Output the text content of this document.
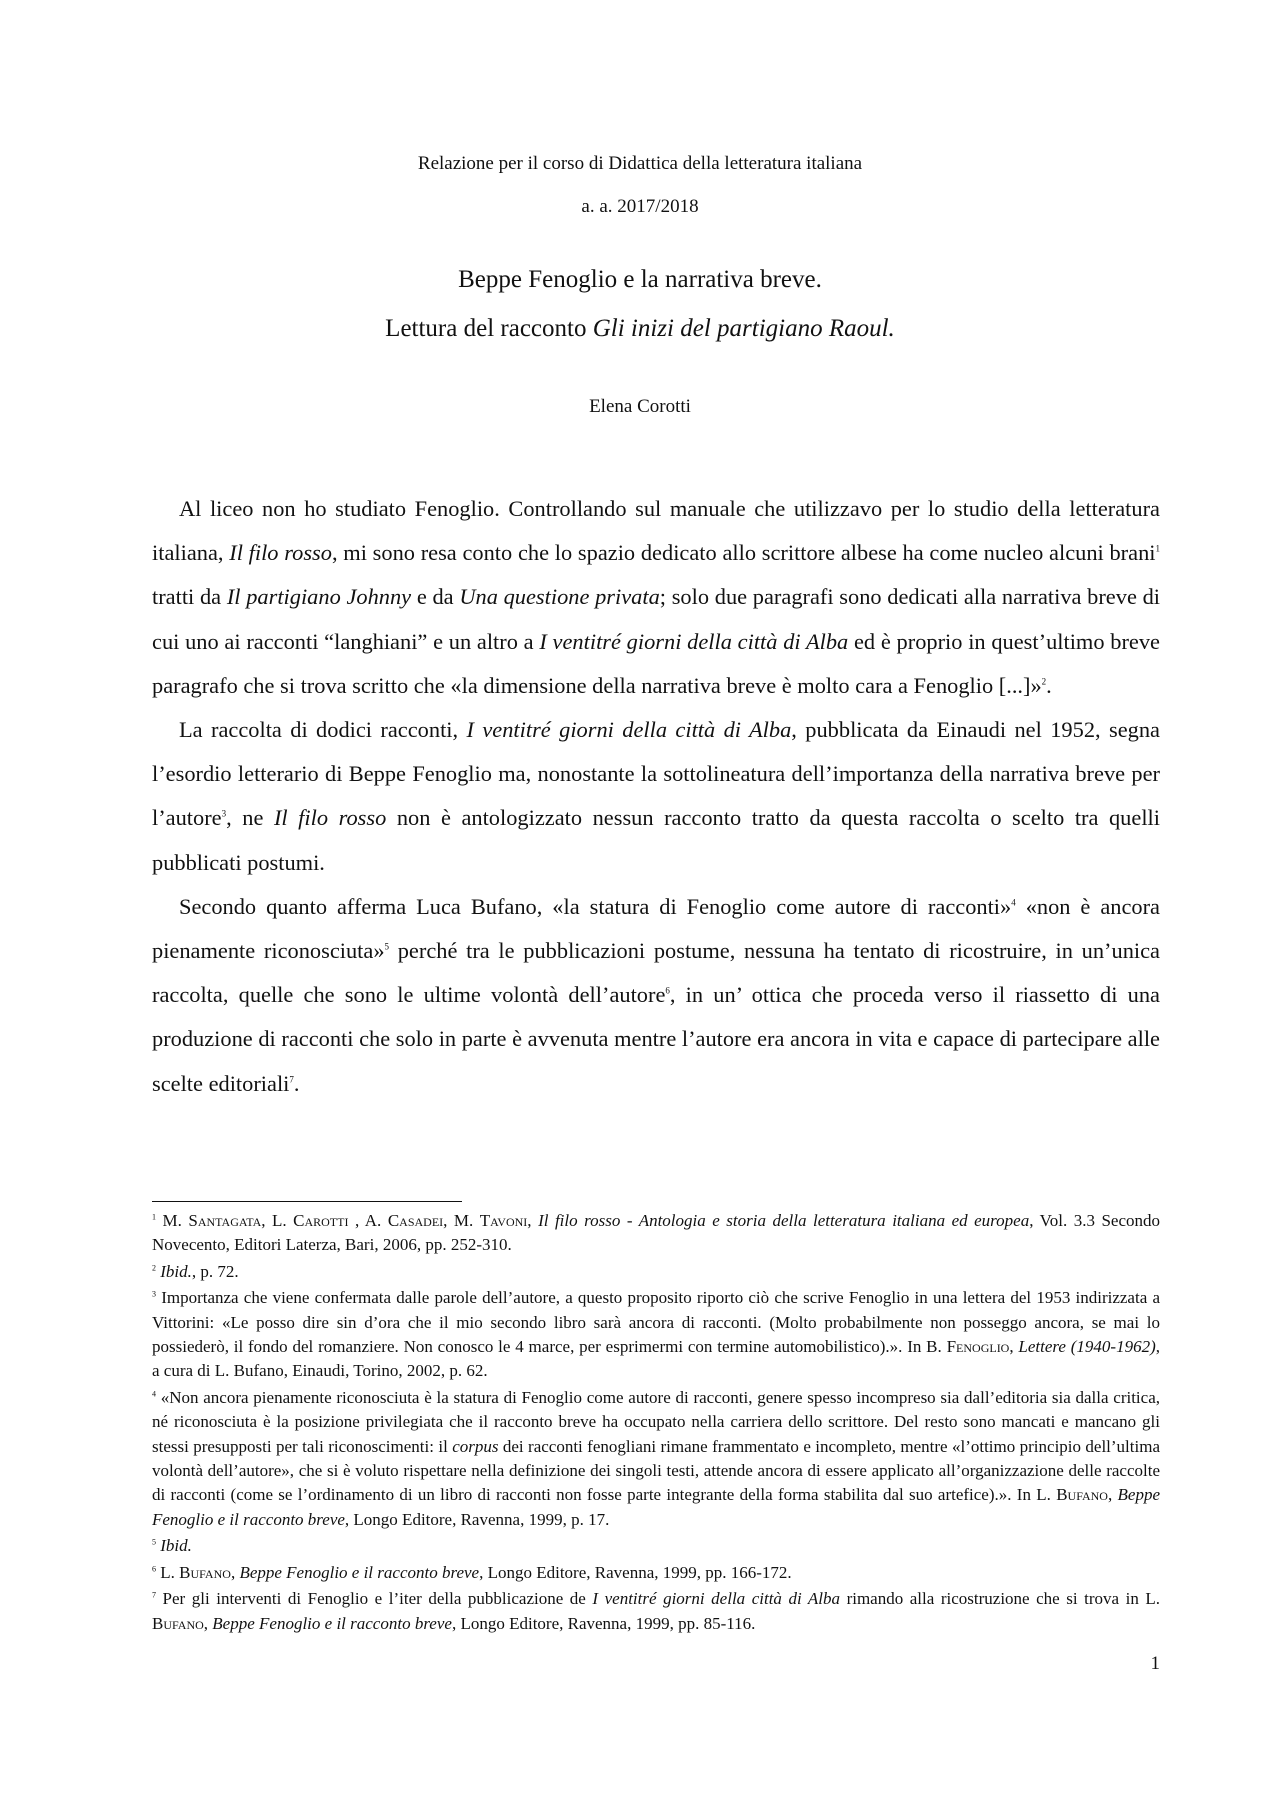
Relazione per il corso di Didattica della letteratura italiana

a. a. 2017/2018

Beppe Fenoglio e la narrativa breve.

Lettura del racconto Gli inizi del partigiano Raoul.

Elena Corotti

Al liceo non ho studiato Fenoglio. Controllando sul manuale che utilizzavo per lo studio della letteratura italiana, Il filo rosso, mi sono resa conto che lo spazio dedicato allo scrittore albese ha come nucleo alcuni brani$^1$ tratti da Il partigiano Johnny e da Una questione privata; solo due paragrafi sono dedicati alla narrativa breve di cui uno ai racconti “langhiani” e un altro a I ventitré giorni della città di Alba ed è proprio in quest’ultimo breve paragrafo che si trova scritto che «la dimensione della narrativa breve è molto cara a Fenoglio [...]»$^2$.

La raccolta di dodici racconti, I ventitré giorni della città di Alba, pubblicata da Einaudi nel 1952, segna l’esordio letterario di Beppe Fenoglio ma, nonostante la sottolineatura dell’importanza della narrativa breve per l’autore$^3$, ne Il filo rosso non è antologizzato nessun racconto tratto da questa raccolta o scelto tra quelli pubblicati postumi.

Secondo quanto afferma Luca Bufano, «la statura di Fenoglio come autore di racconti»$^4$ «non è ancora pienamente riconosciuta»$^5$ perché tra le pubblicazioni postume, nessuna ha tentato di ricostruire, in un’unica raccolta, quelle che sono le ultime volontà dell’autore$^6$, in un’ ottica che proceda verso il riassetto di una produzione di racconti che solo in parte è avvenuta mentre l’autore era ancora in vita e capace di partecipare alle scelte editoriali$^7$.

$^1$ M. Santagata, L. Carotti , A. Casadei, M. Tavoni, Il filo rosso - Antologia e storia della letteratura italiana ed europea, Vol. 3.3 Secondo Novecento, Editori Laterza, Bari, 2006, pp. 252-310.

$^2$ Ibid., p. 72.

$^3$ Importanza che viene confermata dalle parole dell’autore, a questo proposito riporto ciò che scrive Fenoglio in una lettera del 1953 indirizzata a Vittorini: «Le posso dire sin d’ora che il mio secondo libro sarà ancora di racconti. (Molto probabilmente non posseggo ancora, se mai lo possiederò, il fondo del romanziere. Non conosco le 4 marce, per esprimermi con termine automobilistico).». In B. Fenoglio, Lettere (1940-1962), a cura di L. Bufano, Einaudi, Torino, 2002, p. 62.

$^4$ «Non ancora pienamente riconosciuta è la statura di Fenoglio come autore di racconti, genere spesso incompreso sia dall’editoria sia dalla critica, né riconosciuta è la posizione privilegiata che il racconto breve ha occupato nella carriera dello scrittore. Del resto sono mancati e mancano gli stessi presupposti per tali riconoscimenti: il corpus dei racconti fenogliani rimane frammentato e incompleto, mentre «l’ottimo principio dell’ultima volontà dell’autore», che si è voluto rispettare nella definizione dei singoli testi, attende ancora di essere applicato all’organizzazione delle raccolte di racconti (come se l’ordinamento di un libro di racconti non fosse parte integrante della forma stabilita dal suo artefice).». In L. Bufano, Beppe Fenoglio e il racconto breve, Longo Editore, Ravenna, 1999, p. 17.

$^5$ Ibid.

$^6$ L. Bufano, Beppe Fenoglio e il racconto breve, Longo Editore, Ravenna, 1999, pp. 166-172.

$^7$ Per gli interventi di Fenoglio e l’iter della pubblicazione de I ventitré giorni della città di Alba rimando alla ricostruzione che si trova in L. Bufano, Beppe Fenoglio e il racconto breve, Longo Editore, Ravenna, 1999, pp. 85-116.

1
